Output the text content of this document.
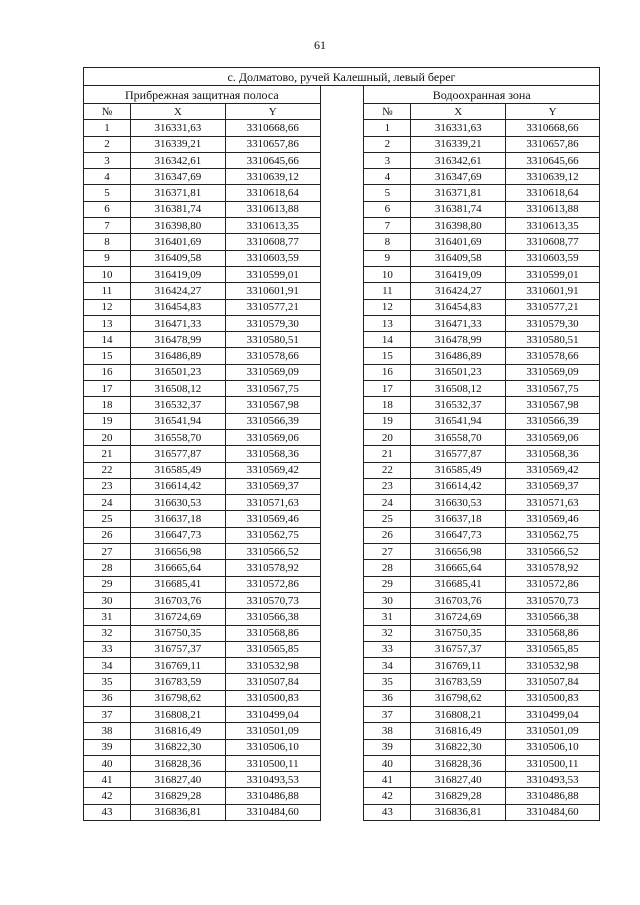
61
с. Долматово, ручей Калешный, левый берег						
Прибрежная защитная полоса				Водоохранная зона		
№	X	Y		№	X	Y
1	316331,63	3310668,66		1	316331,63	3310668,66
2	316339,21	3310657,86		2	316339,21	3310657,86
3	316342,61	3310645,66		3	316342,61	3310645,66
4	316347,69	3310639,12		4	316347,69	3310639,12
5	316371,81	3310618,64		5	316371,81	3310618,64
6	316381,74	3310613,88		6	316381,74	3310613,88
7	316398,80	3310613,35		7	316398,80	3310613,35
8	316401,69	3310608,77		8	316401,69	3310608,77
9	316409,58	3310603,59		9	316409,58	3310603,59
10	316419,09	3310599,01		10	316419,09	3310599,01
11	316424,27	3310601,91		11	316424,27	3310601,91
12	316454,83	3310577,21		12	316454,83	3310577,21
13	316471,33	3310579,30		13	316471,33	3310579,30
14	316478,99	3310580,51		14	316478,99	3310580,51
15	316486,89	3310578,66		15	316486,89	3310578,66
16	316501,23	3310569,09		16	316501,23	3310569,09
17	316508,12	3310567,75		17	316508,12	3310567,75
18	316532,37	3310567,98		18	316532,37	3310567,98
19	316541,94	3310566,39		19	316541,94	3310566,39
20	316558,70	3310569,06		20	316558,70	3310569,06
21	316577,87	3310568,36		21	316577,87	3310568,36
22	316585,49	3310569,42		22	316585,49	3310569,42
23	316614,42	3310569,37		23	316614,42	3310569,37
24	316630,53	3310571,63		24	316630,53	3310571,63
25	316637,18	3310569,46		25	316637,18	3310569,46
26	316647,73	3310562,75		26	316647,73	3310562,75
27	316656,98	3310566,52		27	316656,98	3310566,52
28	316665,64	3310578,92		28	316665,64	3310578,92
29	316685,41	3310572,86		29	316685,41	3310572,86
30	316703,76	3310570,73		30	316703,76	3310570,73
31	316724,69	3310566,38		31	316724,69	3310566,38
32	316750,35	3310568,86		32	316750,35	3310568,86
33	316757,37	3310565,85		33	316757,37	3310565,85
34	316769,11	3310532,98		34	316769,11	3310532,98
35	316783,59	3310507,84		35	316783,59	3310507,84
36	316798,62	3310500,83		36	316798,62	3310500,83
37	316808,21	3310499,04		37	316808,21	3310499,04
38	316816,49	3310501,09		38	316816,49	3310501,09
39	316822,30	3310506,10		39	316822,30	3310506,10
40	316828,36	3310500,11		40	316828,36	3310500,11
41	316827,40	3310493,53		41	316827,40	3310493,53
42	316829,28	3310486,88		42	316829,28	3310486,88
43	316836,81	3310484,60		43	316836,81	3310484,60
